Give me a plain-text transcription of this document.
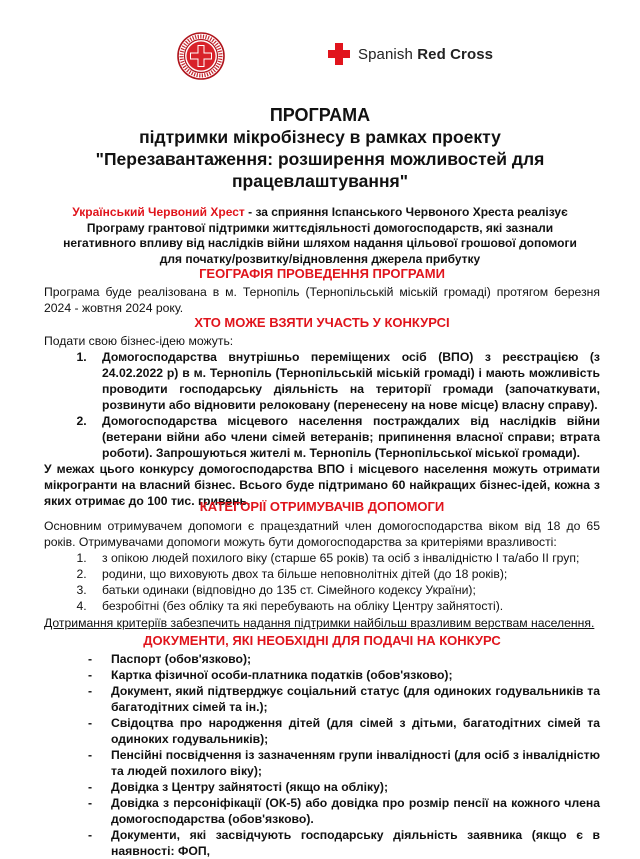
Spanish Red Cross
ПРОГРАМА
підтримки мікробізнесу в рамках проекту
"Перезавантаження: розширення можливостей для
працевлаштування"
Український Червоний Хрест - за сприяння Іспанського Червоного Хреста реалізує Програму грантової підтримки життєдіяльності домогосподарств, які зазнали негативного впливу від наслідків війни шляхом надання цільової грошової допомоги для початку/розвитку/відновлення джерела прибутку
ГЕОГРАФІЯ ПРОВЕДЕННЯ ПРОГРАМИ
Програма буде реалізована в м. Тернопіль (Тернопільській міській громаді) протягом березня 2024 - жовтня 2024 року.
ХТО МОЖЕ ВЗЯТИ УЧАСТЬ У КОНКУРСІ
Подати свою бізнес-ідею можуть:
1. Домогосподарства внутрішньо переміщених осіб (ВПО) з реєстрацією (з 24.02.2022 р) в м. Тернопіль (Тернопільській міській громаді) і мають можливість проводити господарську діяльність на території громади (започаткувати, розвинути або відновити релоковану (перенесену на нове місце) власну справу).
2. Домогосподарства місцевого населення постраждалих від наслідків війни (ветерани війни або члени сімей ветеранів; припинення власної справи; втрата роботи). Запрошуються жителі м. Тернопіль (Тернопільської міської громади).
У межах цього конкурсу домогосподарства ВПО і місцевого населення можуть отримати мікрогранти на власний бізнес. Всього буде підтримано 60 найкращих бізнес-ідей, кожна з яких отримає до 100 тис. гривень.
КАТЕГОРІЇ ОТРИМУВАЧІВ ДОПОМОГИ
Основним отримувачем допомоги є працездатний член домогосподарства віком від 18 до 65 років. Отримувачами допомоги можуть бути домогосподарства за критеріями вразливості:
1. з опікою людей похилого віку (старше 65 років) та осіб з інвалідністю І та/або ІІ груп;
2. родини, що виховують двох та більше неповнолітніх дітей (до 18 років);
3. батьки одинаки (відповідно до 135 ст. Сімейного кодексу України);
4. безробітні (без обліку та які перебувають на обліку Центру зайнятості).
Дотримання критеріїв забезпечить надання підтримки найбільш вразливим верствам населення.
ДОКУМЕНТИ, ЯКІ НЕОБХІДНІ ДЛЯ ПОДАЧІ НА КОНКУРС
- Паспорт (обов'язково);
- Картка фізичної особи-платника податків (обов'язково);
- Документ, який підтверджує соціальний статус (для одиноких годувальників та багатодітних сімей та ін.);
- Свідоцтва про народження дітей (для сімей з дітьми, багатодітних сімей та одиноких годувальників);
- Пенсійні посвідчення із зазначенням групи інвалідності (для осіб з інвалідністю та людей похилого віку);
- Довідка з Центру зайнятості (якщо на обліку);
- Довідка з персоніфікації (ОК-5) або довідка про розмір пенсії на кожного члена домогосподарства (обов'язково).
- Документи, які засвідчують господарську діяльність заявника (якщо є в наявності: ФОП,
